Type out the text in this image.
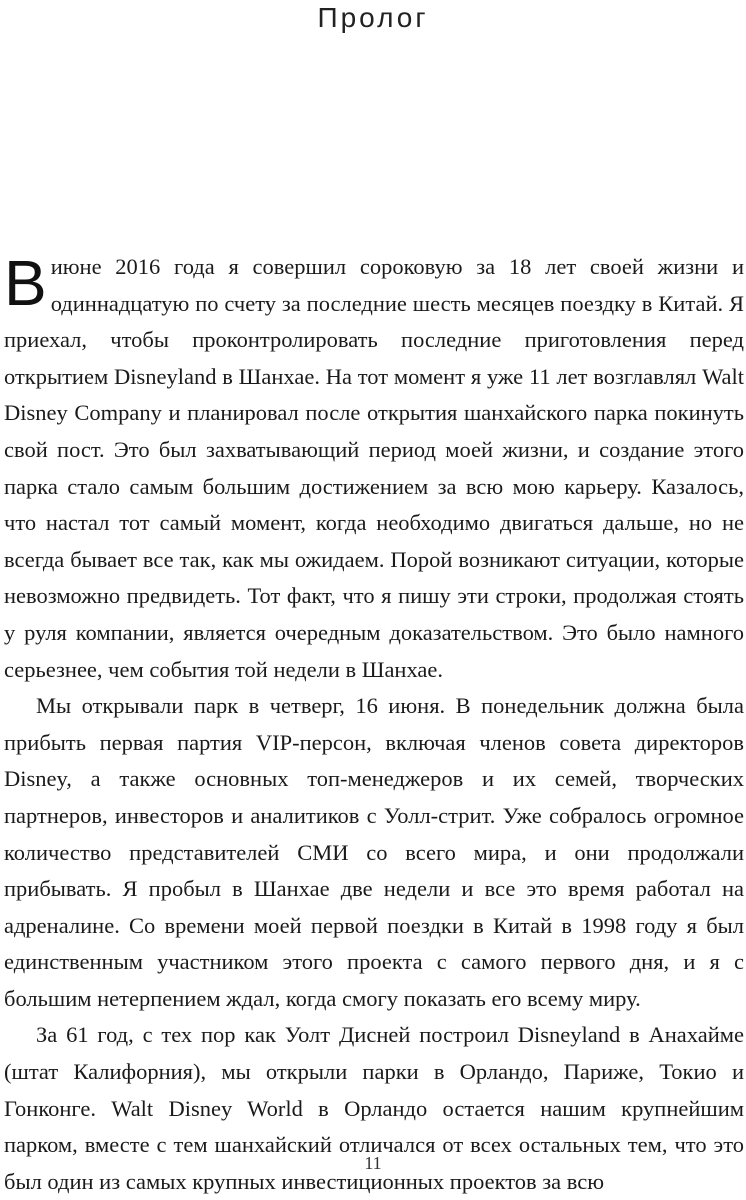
Пролог

Виюне 2016 года я совершил сороковую за 18 лет своей жизни и одиннадцатую по счету за последние шесть месяцев поездку в Китай. Я приехал, чтобы проконтролировать последние приготовления перед открытием Disneyland в Шанхае. На тот момент я уже 11 лет возглавлял Walt Disney Company и планировал после открытия шанхайского парка покинуть свой пост. Это был захватывающий период моей жизни, и создание этого парка стало самым большим достижением за всю мою карьеру. Казалось, что настал тот самый момент, когда необходимо двигаться дальше, но не всегда бывает все так, как мы ожидаем. Порой возникают ситуации, которые невозможно предвидеть. Тот факт, что я пишу эти строки, продолжая стоять у руля компании, является очередным доказательством. Это было намного серьезнее, чем события той недели в Шанхае.

Мы открывали парк в четверг, 16 июня. В понедельник должна была прибыть первая партия VIP-персон, включая членов совета директоров Disney, а также основных топ-менеджеров и их семей, творческих партнеров, инвесторов и аналитиков с Уолл-стрит. Уже собралось огромное количество представителей СМИ со всего мира, и они продолжали прибывать. Я пробыл в Шанхае две недели и все это время работал на адреналине. Со времени моей первой поездки в Китай в 1998 году я был единственным участником этого проекта с самого первого дня, и я с большим нетерпением ждал, когда смогу показать его всему миру.

За 61 год, с тех пор как Уолт Дисней построил Disneyland в Анахайме (штат Калифорния), мы открыли парки в Орландо, Париже, Токио и Гонконге. Walt Disney World в Орландо остается нашим крупнейшим парком, вместе с тем шанхайский отличался от всех остальных тем, что это был один из самых крупных инвестиционных проектов за всю

11
